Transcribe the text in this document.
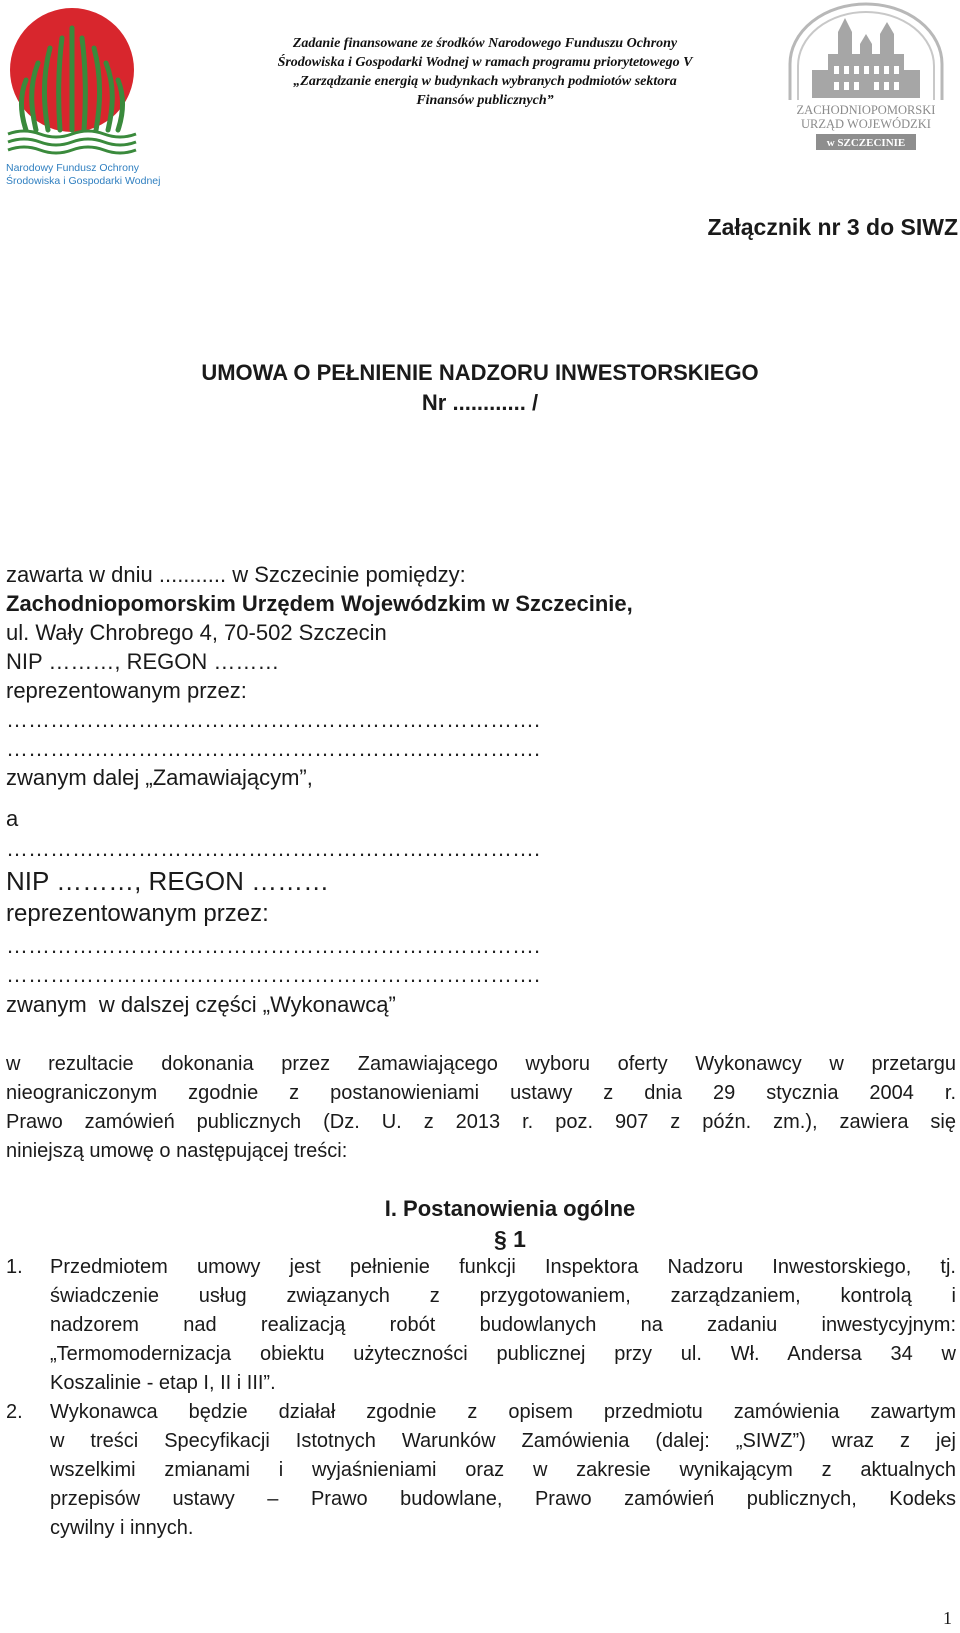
Narodowy Fundusz Ochrony
Środowiska i Gospodarki Wodnej
Zadanie finansowane ze środków Narodowego Funduszu Ochrony
Środowiska i Gospodarki Wodnej w ramach programu priorytetowego V
„Zarządzanie energią w budynkach wybranych podmiotów sektora
Finansów publicznych”
ZACHODNIOPOMORSKI
URZĄD WOJEWÓDZKI
w SZCZECINIE
Załącznik nr 3 do SIWZ
UMOWA O PEŁNIENIE NADZORU INWESTORSKIEGO
Nr ............ /
zawarta w dniu ........... w Szczecinie pomiędzy:
Zachodniopomorskim Urzędem Wojewódzkim w Szczecinie,
ul. Wały Chrobrego 4, 70-502 Szczecin
NIP ………, REGON ………
reprezentowanym przez:
……………………………………………………………….
……………………………………………………………….
zwanym dalej „Zamawiającym”,
a
……………………………………………………………….
NIP ………, REGON ………
reprezentowanym przez:
……………………………………………………………….
……………………………………………………………….
zwanym  w dalszej części „Wykonawcą”
w rezultacie dokonania przez Zamawiającego wyboru oferty Wykonawcy w przetargu
nieograniczonym zgodnie z postanowieniami ustawy z dnia 29 stycznia 2004 r.
Prawo zamówień publicznych (Dz. U. z 2013 r. poz. 907 z późn. zm.), zawiera się
niniejszą umowę o następującej treści:
I. Postanowienia ogólne
§ 1
1. Przedmiotem umowy jest pełnienie funkcji Inspektora Nadzoru Inwestorskiego, tj.
świadczenie usług związanych z przygotowaniem, zarządzaniem, kontrolą i
nadzorem nad realizacją robót budowlanych na zadaniu inwestycyjnym:
„Termomodernizacja obiektu użyteczności publicznej przy ul. Wł. Andersa 34 w
Koszalinie - etap I, II i III”.
2. Wykonawca będzie działał zgodnie z opisem przedmiotu zamówienia zawartym
w treści Specyfikacji Istotnych Warunków Zamówienia (dalej: „SIWZ”) wraz z jej
wszelkimi zmianami i wyjaśnieniami oraz w zakresie wynikającym z aktualnych
przepisów ustawy – Prawo budowlane, Prawo zamówień publicznych, Kodeks
cywilny i innych.
1
